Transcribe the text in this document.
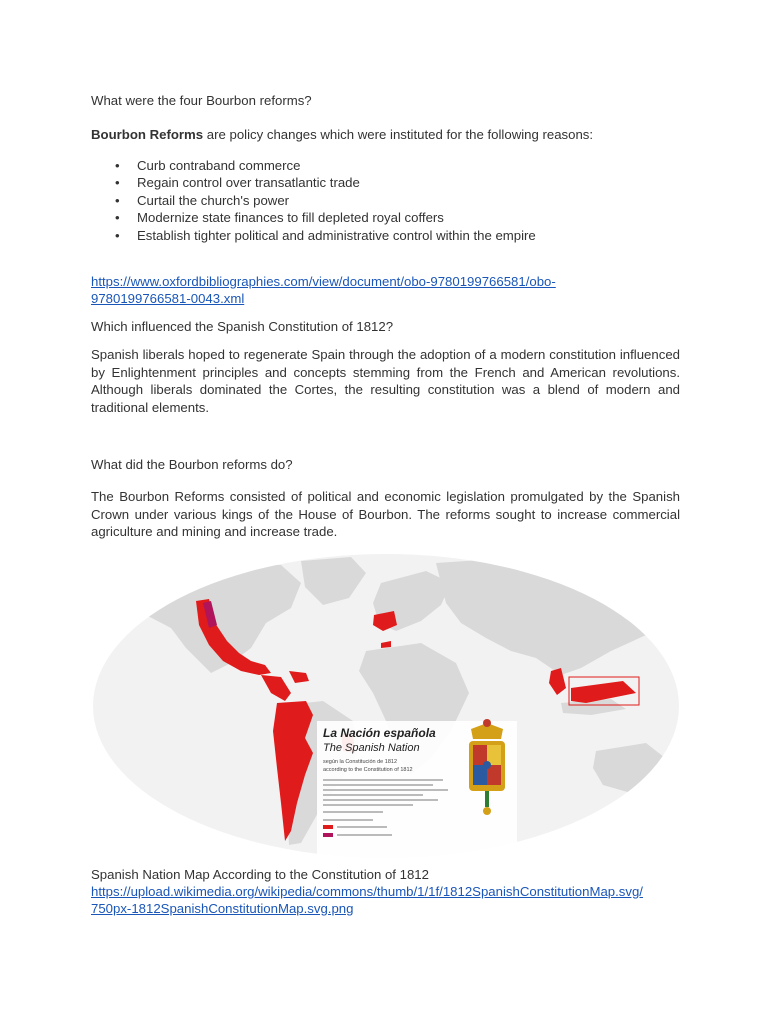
What were the four Bourbon reforms?

Bourbon Reforms are policy changes which were instituted for the following reasons:

• Curb contraband commerce
• Regain control over transatlantic trade
• Curtail the church's power
• Modernize state finances to fill depleted royal coffers
• Establish tighter political and administrative control within the empire

https://www.oxfordbibliographies.com/view/document/obo-9780199766581/obo-
9780199766581-0043.xml

Which influenced the Spanish Constitution of 1812?

Spanish liberals hoped to regenerate Spain through the adoption of a modern constitution influenced by Enlightenment principles and concepts stemming from the French and American revolutions. Although liberals dominated the Cortes, the resulting constitution was a blend of modern and traditional elements.

What did the Bourbon reforms do?

The Bourbon Reforms consisted of political and economic legislation promulgated by the Spanish Crown under various kings of the House of Bourbon. The reforms sought to increase commercial agriculture and mining and increase trade.

La Nación española
The Spanish Nation
según la Constitución de 1812
according to the Constitution of 1812
Spanish Nation Map According to the Constitution of 1812
https://upload.wikimedia.org/wikipedia/commons/thumb/1/1f/1812SpanishConstitutionMap.svg/
750px-1812SpanishConstitutionMap.svg.png
